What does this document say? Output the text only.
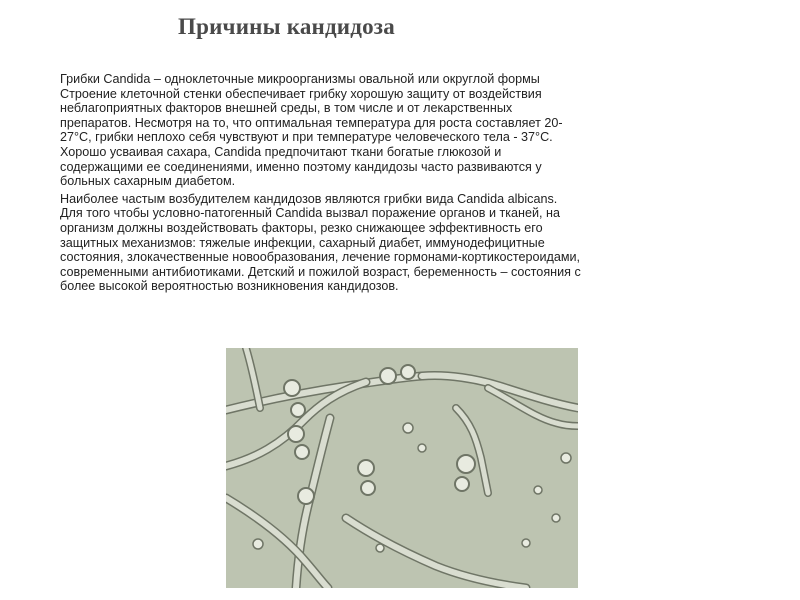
Причины кандидоза

Грибки Candida – одноклеточные микроорганизмы овальной или округлой формы
Строение клеточной стенки обеспечивает грибку хорошую защиту от воздействия
неблагоприятных факторов внешней среды, в том числе и от лекарственных
препаратов. Несмотря на то, что оптимальная температура для роста составляет 20-
27°C, грибки неплохо себя чувствуют и при температуре человеческого тела - 37°C.
Хорошо усваивая сахара, Candida предпочитают ткани богатые глюкозой и
содержащими ее соединениями, именно поэтому кандидозы часто развиваются у
больных сахарным диабетом.

Наиболее частым возбудителем кандидозов являются грибки вида Candida albicans.
Для того чтобы условно-патогенный Candida вызвал поражение органов и тканей, на
организм должны воздействовать факторы, резко снижающее эффективность его
защитных механизмов: тяжелые инфекции, сахарный диабет, иммунодефицитные
состояния, злокачественные новообразования, лечение гормонами-кортикостероидами,
современными антибиотиками. Детский и пожилой возраст, беременность – состояния с
более высокой вероятностью возникновения кандидозов.
